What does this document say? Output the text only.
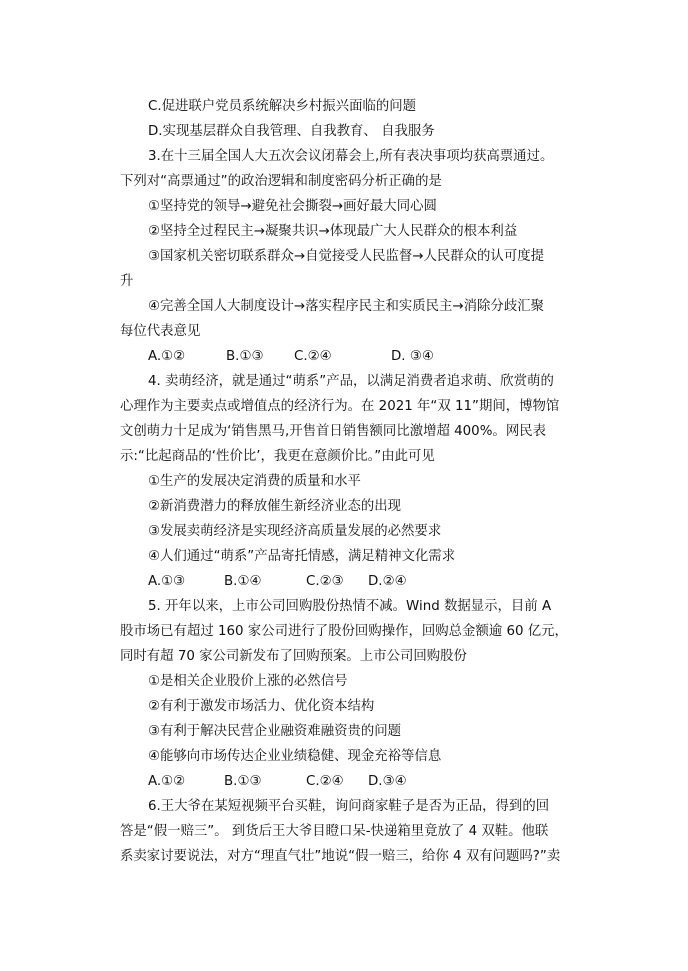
C.促进联户党员系统解决乡村振兴面临的问题
D.实现基层群众自我管理、自我教育、 自我服务
3.在十三届全国人大五次会议闭幕会上,所有表决事项均获高票通过。
下列对“高票通过”的政治逻辑和制度密码分析正确的是
①坚持党的领导→避免社会撕裂→画好最大同心圆
②坚持全过程民主→凝聚共识→体现最广大人民群众的根本利益
③国家机关密切联系群众→自觉接受人民监督→人民群众的认可度提
升
④完善全国人大制度设计→落实程序民主和实质民主→消除分歧汇聚
每位代表意见
A.①②	B.①③ C.②④	D. ③④
4. 卖萌经济，就是通过“萌系”产品，以满足消费者追求萌、欣赏萌的
心理作为主要卖点或增值点的经济行为。在 2021 年“双 11”期间，博物馆
文创萌力十足成为‘销售黑马,开售首日销售额同比激增超 400%。网民表
示:“比起商品的‘性价比’，我更在意颜价比。”由此可见
①生产的发展决定消费的质量和水平
②新消费潜力的释放催生新经济业态的出现
③发展卖萌经济是实现经济高质量发展的必然要求
④人们通过“萌系”产品寄托情感，满足精神文化需求
A.①③	B.①④	C.②③ D.②④
5. 开年以来，上市公司回购股份热情不减。Wind 数据显示，目前 A
股市场已有超过 160 家公司进行了股份回购操作，回购总金额逾 60 亿元，
同时有超 70 家公司新发布了回购预案。上市公司回购股份
①是相关企业股价上涨的必然信号
②有利于激发市场活力、优化资本结构
③有利于解决民营企业融资难融资贵的问题
④能够向市场传达企业业绩稳健、现金充裕等信息
A.①②	B.①③	C.②④ D.③④
6.王大爷在某短视频平台买鞋，询问商家鞋子是否为正品，得到的回
答是“假一赔三”。 到货后王大爷目瞪口呆-快递箱里竟放了 4 双鞋。他联
系卖家讨要说法，对方“理直气壮”地说“假一赔三，给你 4 双有问题吗?”卖
